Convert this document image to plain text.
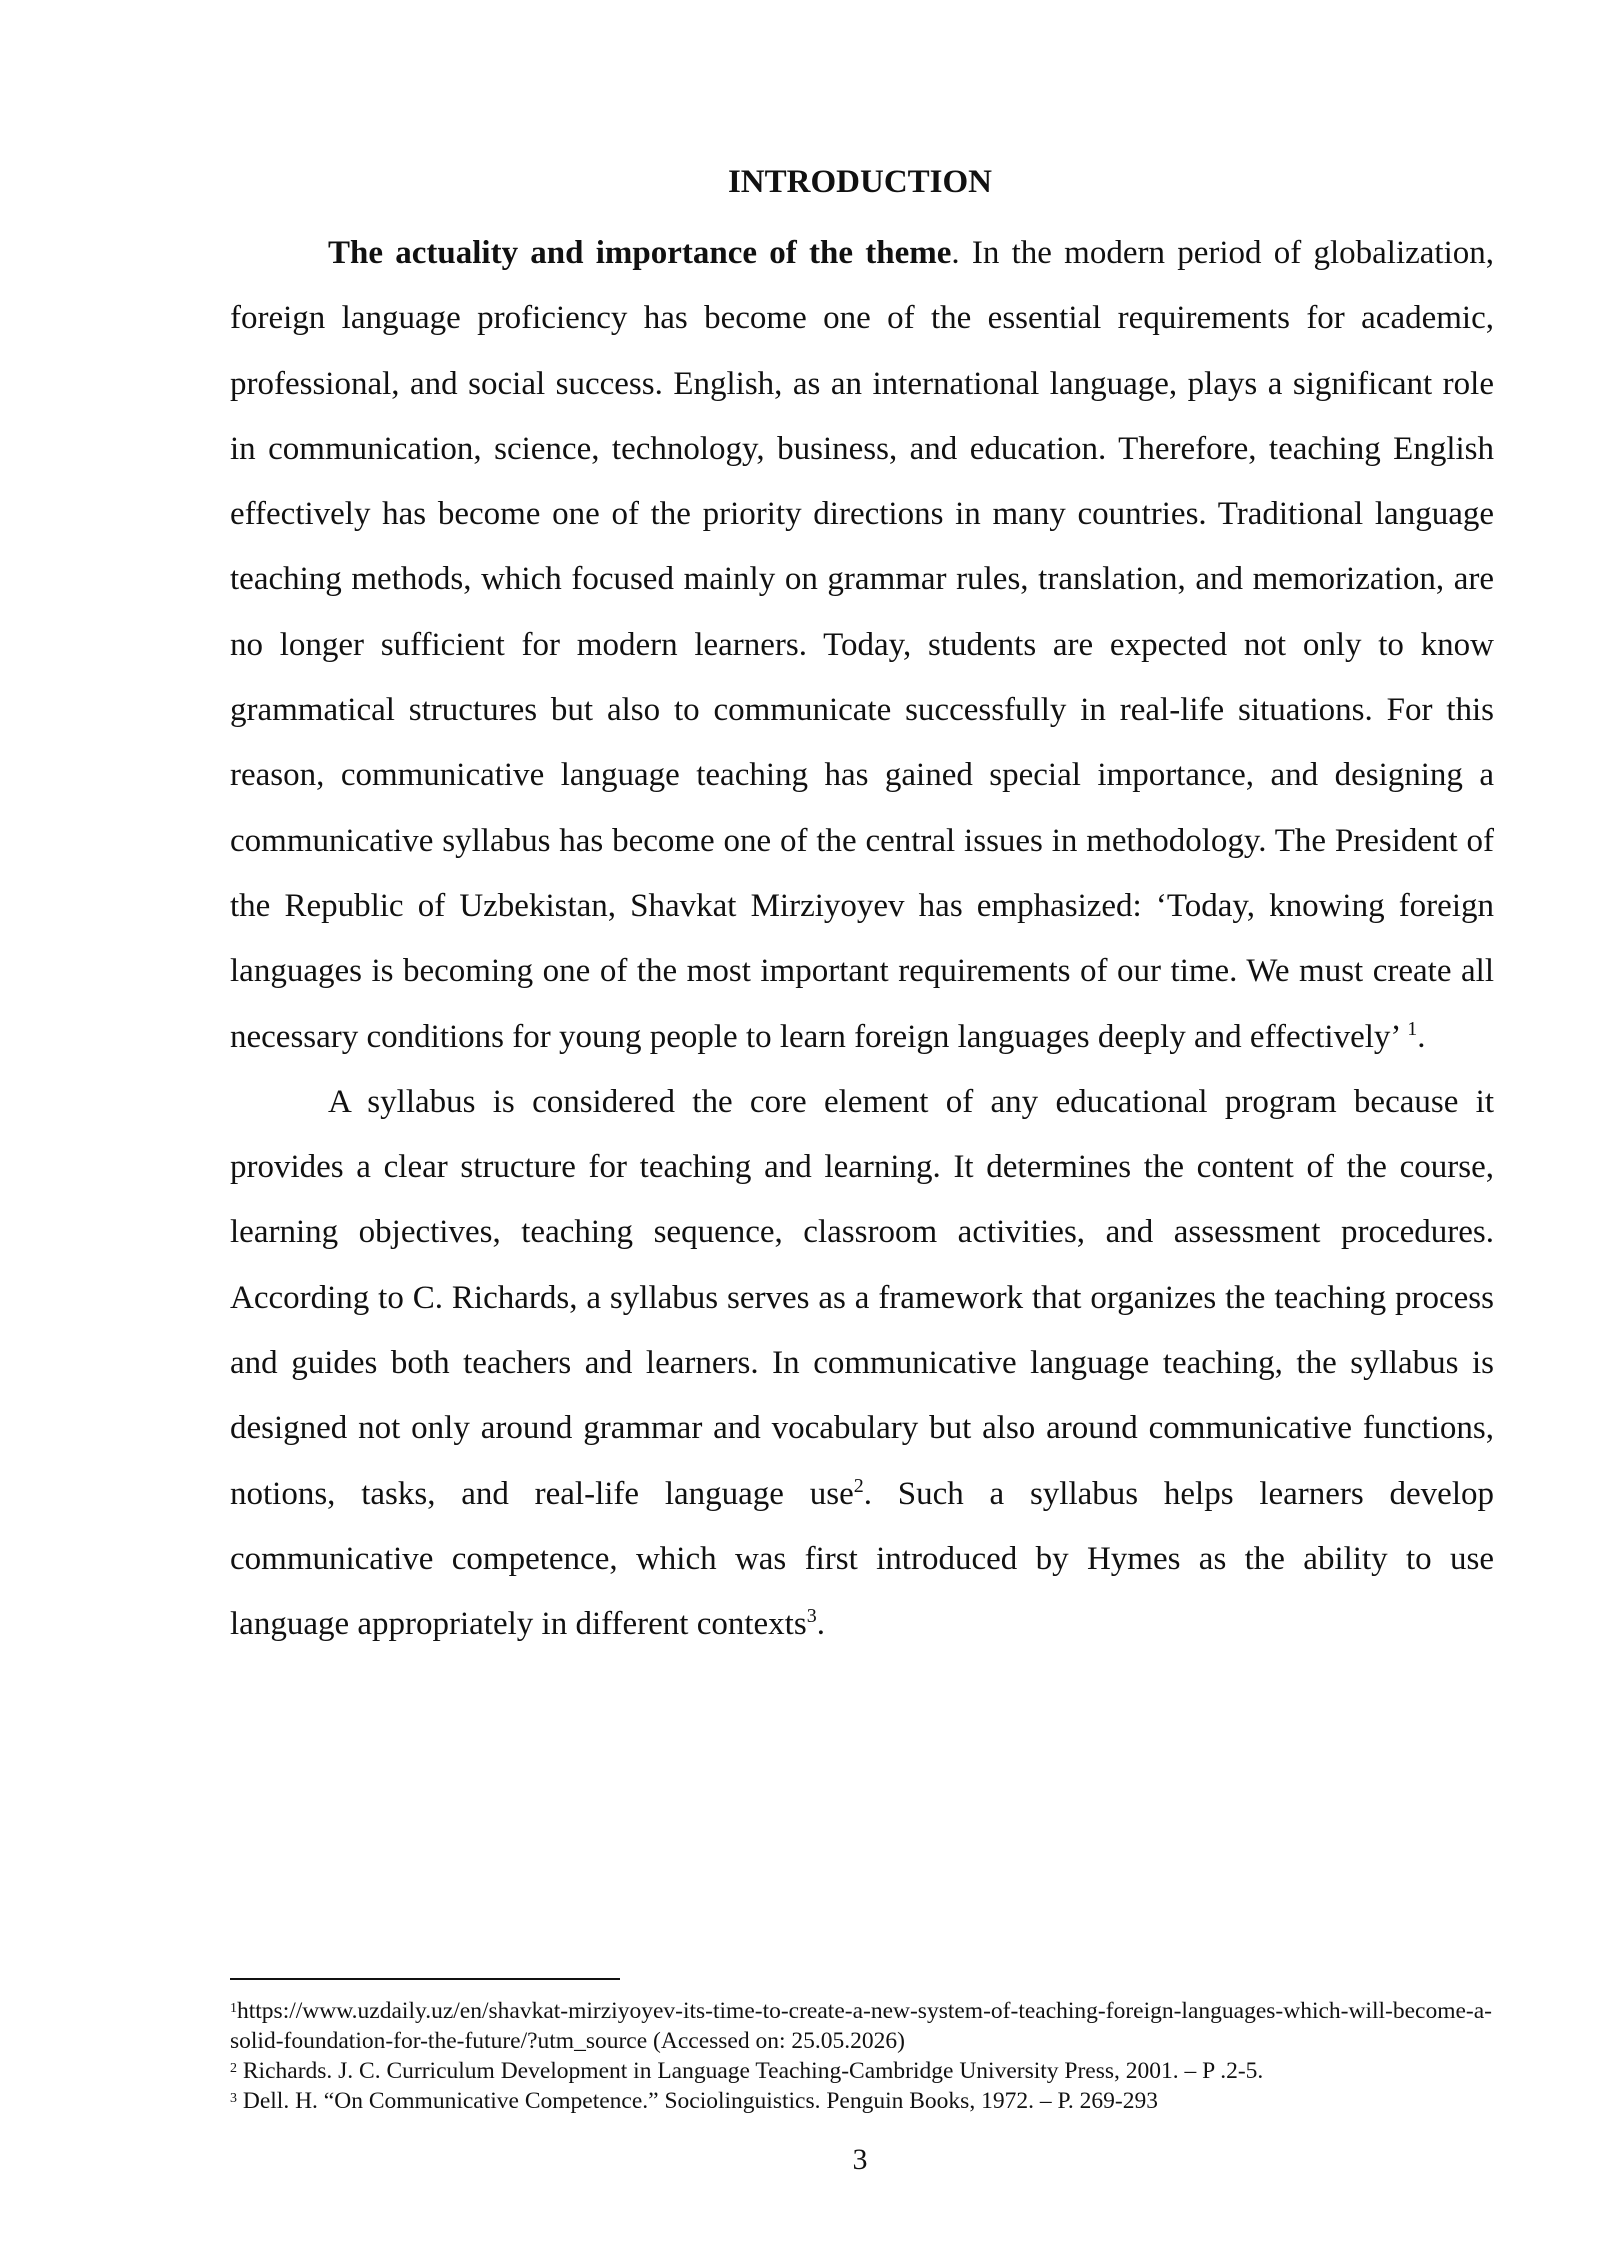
INTRODUCTION

The actuality and importance of the theme. In the modern period of globalization, foreign language proficiency has become one of the essential requirements for academic, professional, and social success. English, as an international language, plays a significant role in communication, science, technology, business, and education. Therefore, teaching English effectively has become one of the priority directions in many countries. Traditional language teaching methods, which focused mainly on grammar rules, translation, and memorization, are no longer sufficient for modern learners. Today, students are expected not only to know grammatical structures but also to communicate successfully in real-life situations. For this reason, communicative language teaching has gained special importance, and designing a communicative syllabus has become one of the central issues in methodology. The President of the Republic of Uzbekistan, Shavkat Mirziyoyev has emphasized: ‘Today, knowing foreign languages is becoming one of the most important requirements of our time. We must create all necessary conditions for young people to learn foreign languages deeply and effectively’ $^1$.

A syllabus is considered the core element of any educational program because it provides a clear structure for teaching and learning. It determines the content of the course, learning objectives, teaching sequence, classroom activities, and assessment procedures. According to C. Richards, a syllabus serves as a framework that organizes the teaching process and guides both teachers and learners. In communicative language teaching, the syllabus is designed not only around grammar and vocabulary but also around communicative functions, notions, tasks, and real-life language use$^2$. Such a syllabus helps learners develop communicative competence, which was first introduced by Hymes as the ability to use language appropriately in different contexts$^3$.

$^1$https://www.uzdaily.uz/en/shavkat-mirziyoyev-its-time-to-create-a-new-system-of-teaching-foreign-languages-which-will-become-a-solid-foundation-for-the-future/?utm_source (Accessed on: 25.05.2026)

$^2$ Richards. J. C. Curriculum Development in Language Teaching-Cambridge University Press, 2001. – P .2-5.

$^3$ Dell. H. “On Communicative Competence.” Sociolinguistics. Penguin Books, 1972. – P. 269-293

3
